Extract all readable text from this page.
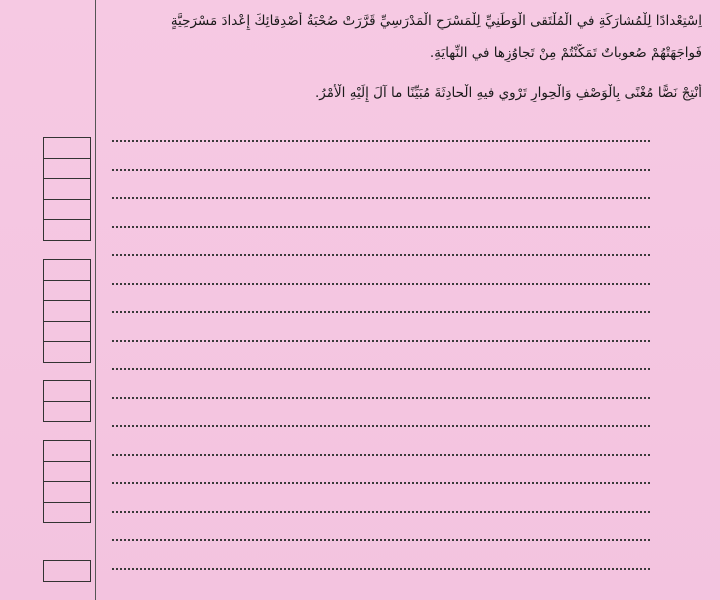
اِسْتِعْدادًا لِلْمُشارَكَةِ في الْمُلْتَقى الْوَطَنِيِّ لِلْمَسْرَحِ الْمَدْرَسِيِّ قَرَّرَتْ صُحْبَةُ أَصْدِقائِكَ إِعْدادَ مَسْرَحِيَّةٍ
فَواجَهَتْهُمْ صُعوباتٌ تَمَكَّنْتُمْ مِنْ تَجاوُزِها في النِّهايَةِ.
أَنْتِجْ نَصًّا مُغْنًى بِالْوَصْفِ وَالْحِوارِ تَرْوي فيهِ الْحادِثَةَ مُبَيِّنًا ما آلَ إِلَيْهِ الْأَمْرُ.
